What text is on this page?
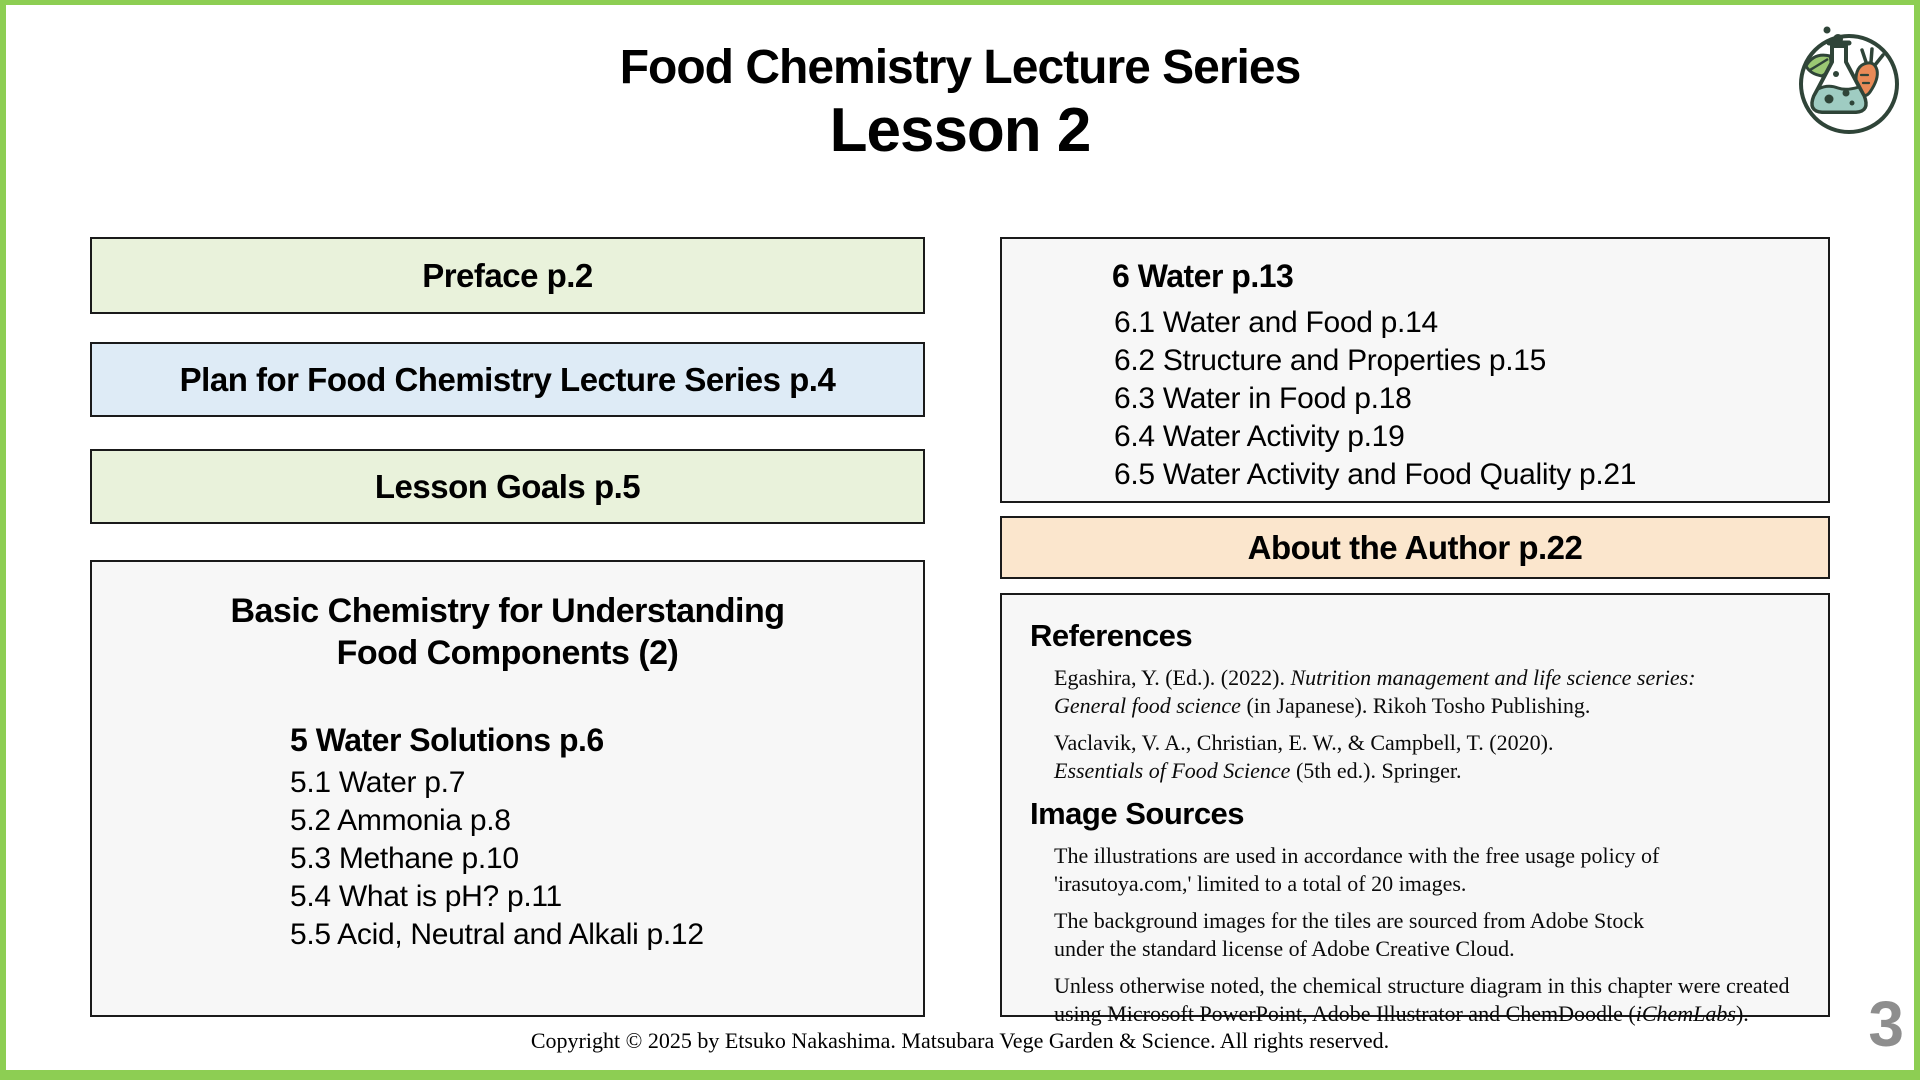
Food Chemistry Lecture Series
Lesson 2
Preface p.2
Plan for Food Chemistry Lecture Series p.4
Lesson Goals p.5
Basic Chemistry for Understanding
Food Components (2)
5 Water Solutions p.6
5.1 Water p.7
5.2 Ammonia p.8
5.3 Methane p.10
5.4 What is pH? p.11
5.5 Acid, Neutral and Alkali p.12
6 Water p.13
6.1 Water and Food p.14
6.2 Structure and Properties p.15
6.3 Water in Food p.18
6.4 Water Activity p.19
6.5 Water Activity and Food Quality p.21
About the Author p.22
References
Egashira, Y. (Ed.). (2022). Nutrition management and life science series:
General food science (in Japanese). Rikoh Tosho Publishing.
Vaclavik, V. A., Christian, E. W., & Campbell, T. (2020).
Essentials of Food Science (5th ed.). Springer.
Image Sources
The illustrations are used in accordance with the free usage policy of
'irasutoya.com,' limited to a total of 20 images.
The background images for the tiles are sourced from Adobe Stock
under the standard license of Adobe Creative Cloud.
Unless otherwise noted, the chemical structure diagram in this chapter were created
using Microsoft PowerPoint, Adobe Illustrator and ChemDoodle (iChemLabs).
Copyright © 2025 by Etsuko Nakashima. Matsubara Vege Garden & Science. All rights reserved.	3
